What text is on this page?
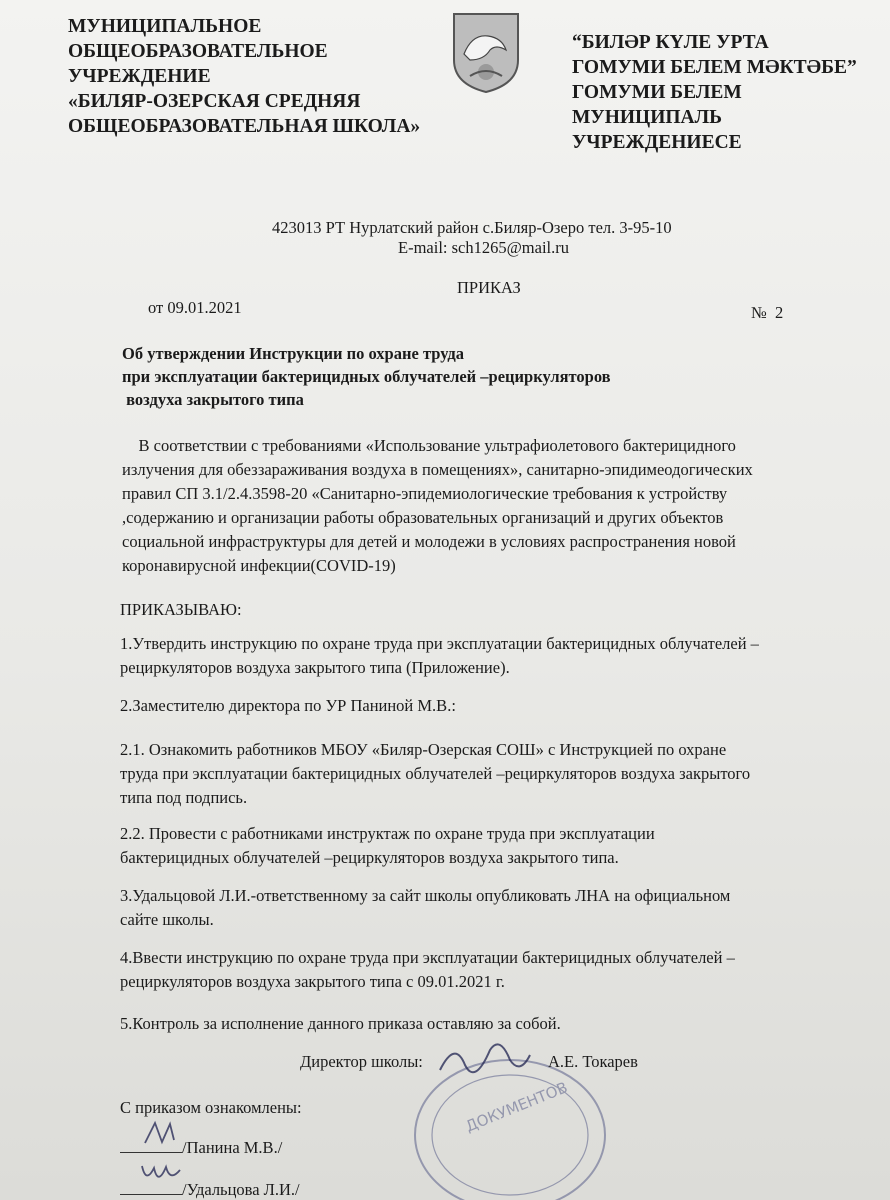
МУНИЦИПАЛЬНОЕ
ОБЩЕОБРАЗОВАТЕЛЬНОЕ
УЧРЕЖДЕНИЕ
«БИЛЯР-ОЗЕРСКАЯ СРЕДНЯЯ
ОБЩЕОБРАЗОВАТЕЛЬНАЯ ШКОЛА»
“БИЛӘР КҮЛЕ УРТА
ГОМУМИ БЕЛЕМ МӘКТӘБЕ”
ГОМУМИ БЕЛЕМ
МУНИЦИПАЛЬ
УЧРЕЖДЕНИЕСЕ
423013 РТ Нурлатский район с.Биляр-Озеро тел. 3-95-10
E-mail: sch1265@mail.ru
ПРИКАЗ
от 09.01.2021	№  2
Об утверждении Инструкции по охране труда
при эксплуатации бактерицидных облучателей –рециркуляторов
воздуха закрытого типа
В соответствии с требованиями «Использование ультрафиолетового бактерицидного
излучения для обеззараживания воздуха в помещениях», санитарно-эпидимеодогических
правил СП 3.1/2.4.3598-20 «Санитарно-эпидемиологические требования к устройству
,содержанию и организации работы образовательных организаций и других объектов
социальной инфраструктуры для детей и молодежи в условиях распространения новой
коронавирусной инфекции(COVID-19)
ПРИКАЗЫВАЮ:
1.Утвердить инструкцию по охране труда при эксплуатации бактерицидных облучателей –
рециркуляторов воздуха закрытого типа (Приложение).
2.Заместителю директора по УР Паниной М.В.:
2.1. Ознакомить работников МБОУ «Биляр-Озерская СОШ» с Инструкцией по охране
труда при эксплуатации бактерицидных облучателей –рециркуляторов воздуха закрытого
типа под подпись.
2.2. Провести с работниками инструктаж по охране труда при эксплуатации
бактерицидных облучателей –рециркуляторов воздуха закрытого типа.
3.Удальцовой Л.И.-ответственному за сайт школы опубликовать ЛНА на официальном
сайте школы.
4.Ввести инструкцию по охране труда при эксплуатации бактерицидных облучателей –
рециркуляторов воздуха закрытого типа с 09.01.2021 г.
5.Контроль за исполнение данного приказа оставляю за собой.
ДОКУМЕНТОВ
Директор школы:	А.Е. Токарев
С приказом ознакомлены:
/Панина М.В./
/Удальцова Л.И./
